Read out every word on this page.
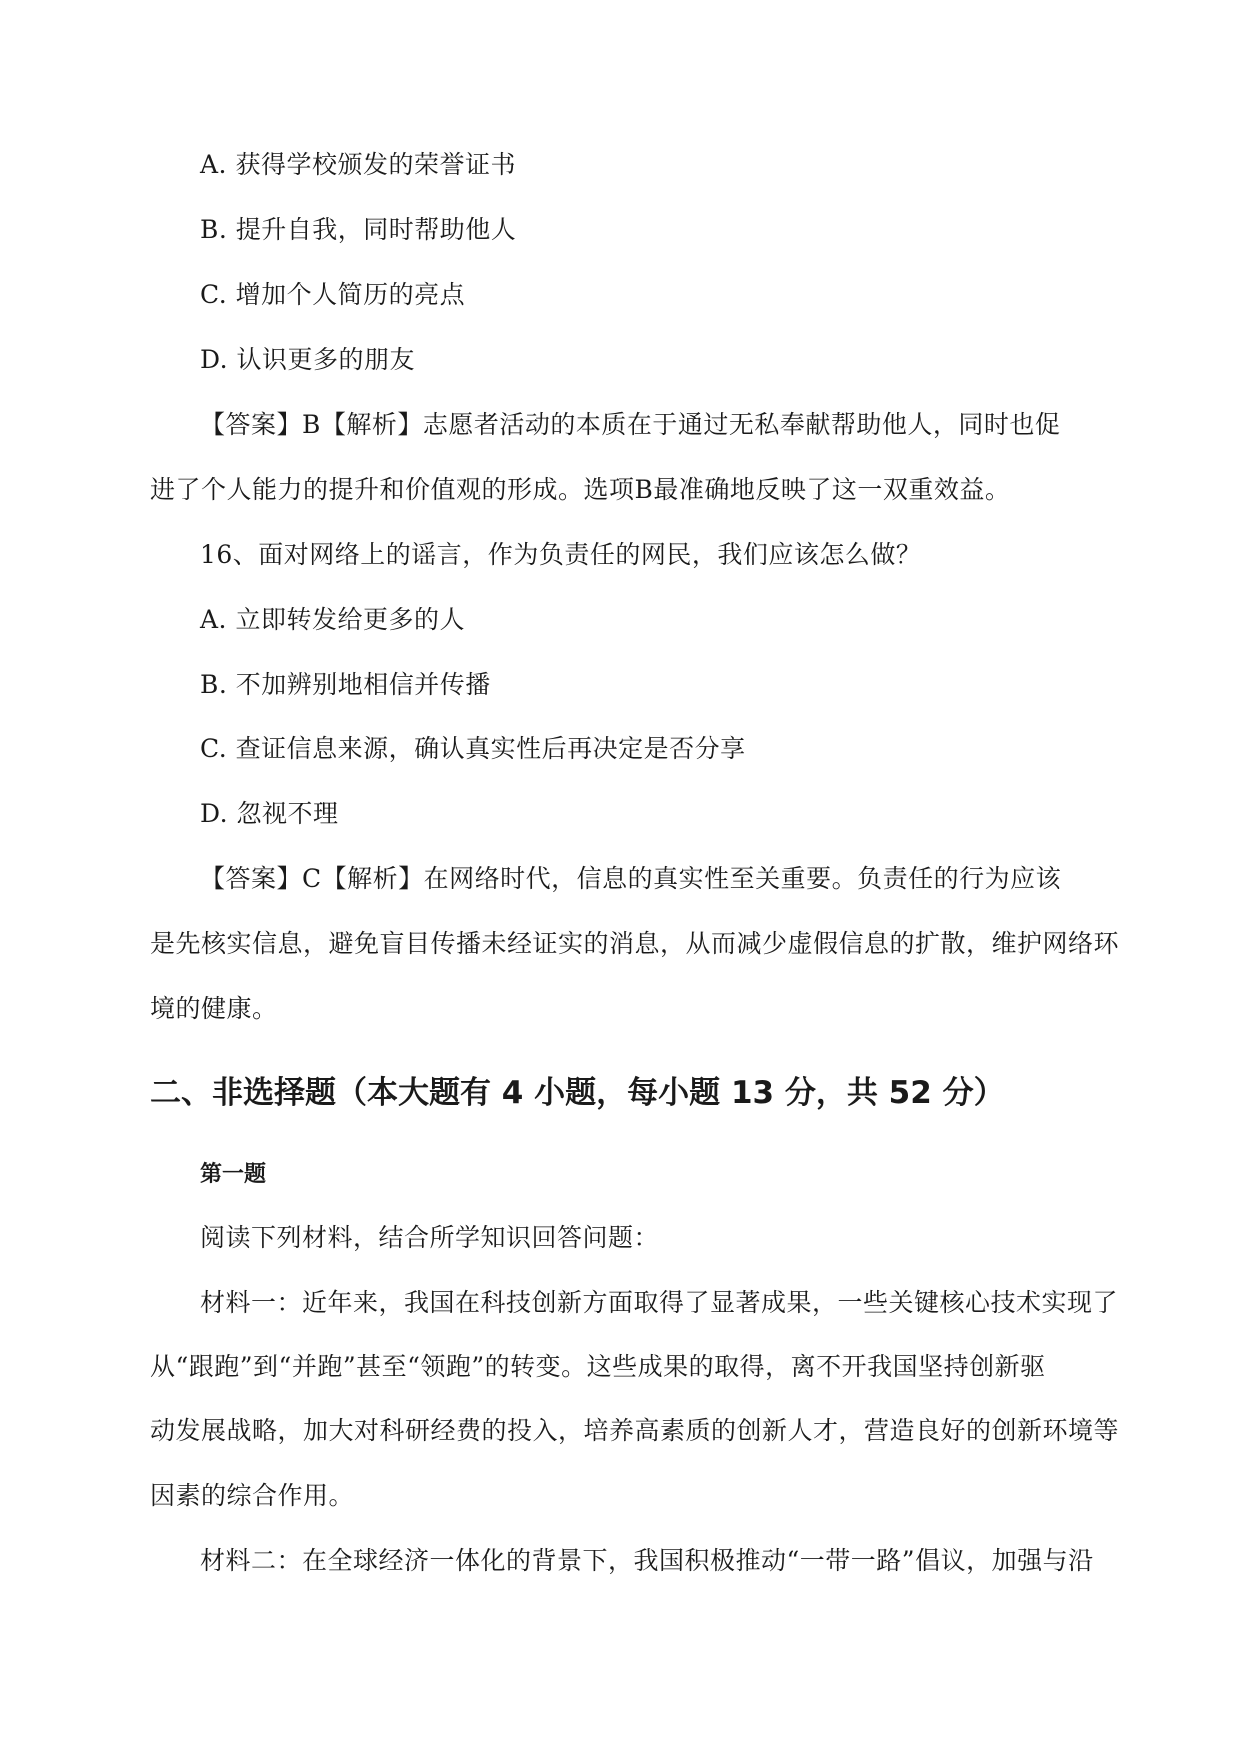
A. 获得学校颁发的荣誉证书
B. 提升自我，同时帮助他人
C. 增加个人简历的亮点
D. 认识更多的朋友
【答案】B【解析】志愿者活动的本质在于通过无私奉献帮助他人，同时也促
进了个人能力的提升和价值观的形成。选项B最准确地反映了这一双重效益。
16、面对网络上的谣言，作为负责任的网民，我们应该怎么做？
A. 立即转发给更多的人
B. 不加辨别地相信并传播
C. 查证信息来源，确认真实性后再决定是否分享
D. 忽视不理
【答案】C【解析】在网络时代，信息的真实性至关重要。负责任的行为应该
是先核实信息，避免盲目传播未经证实的消息，从而减少虚假信息的扩散，维护网络环
境的健康。
二、非选择题（本大题有 4 小题，每小题 13 分，共 52 分）
第一题
阅读下列材料，结合所学知识回答问题：
材料一：近年来，我国在科技创新方面取得了显著成果，一些关键核心技术实现了
从“跟跑”到“并跑”甚至“领跑”的转变。这些成果的取得，离不开我国坚持创新驱
动发展战略，加大对科研经费的投入，培养高素质的创新人才，营造良好的创新环境等
因素的综合作用。
材料二：在全球经济一体化的背景下，我国积极推动“一带一路”倡议，加强与沿
